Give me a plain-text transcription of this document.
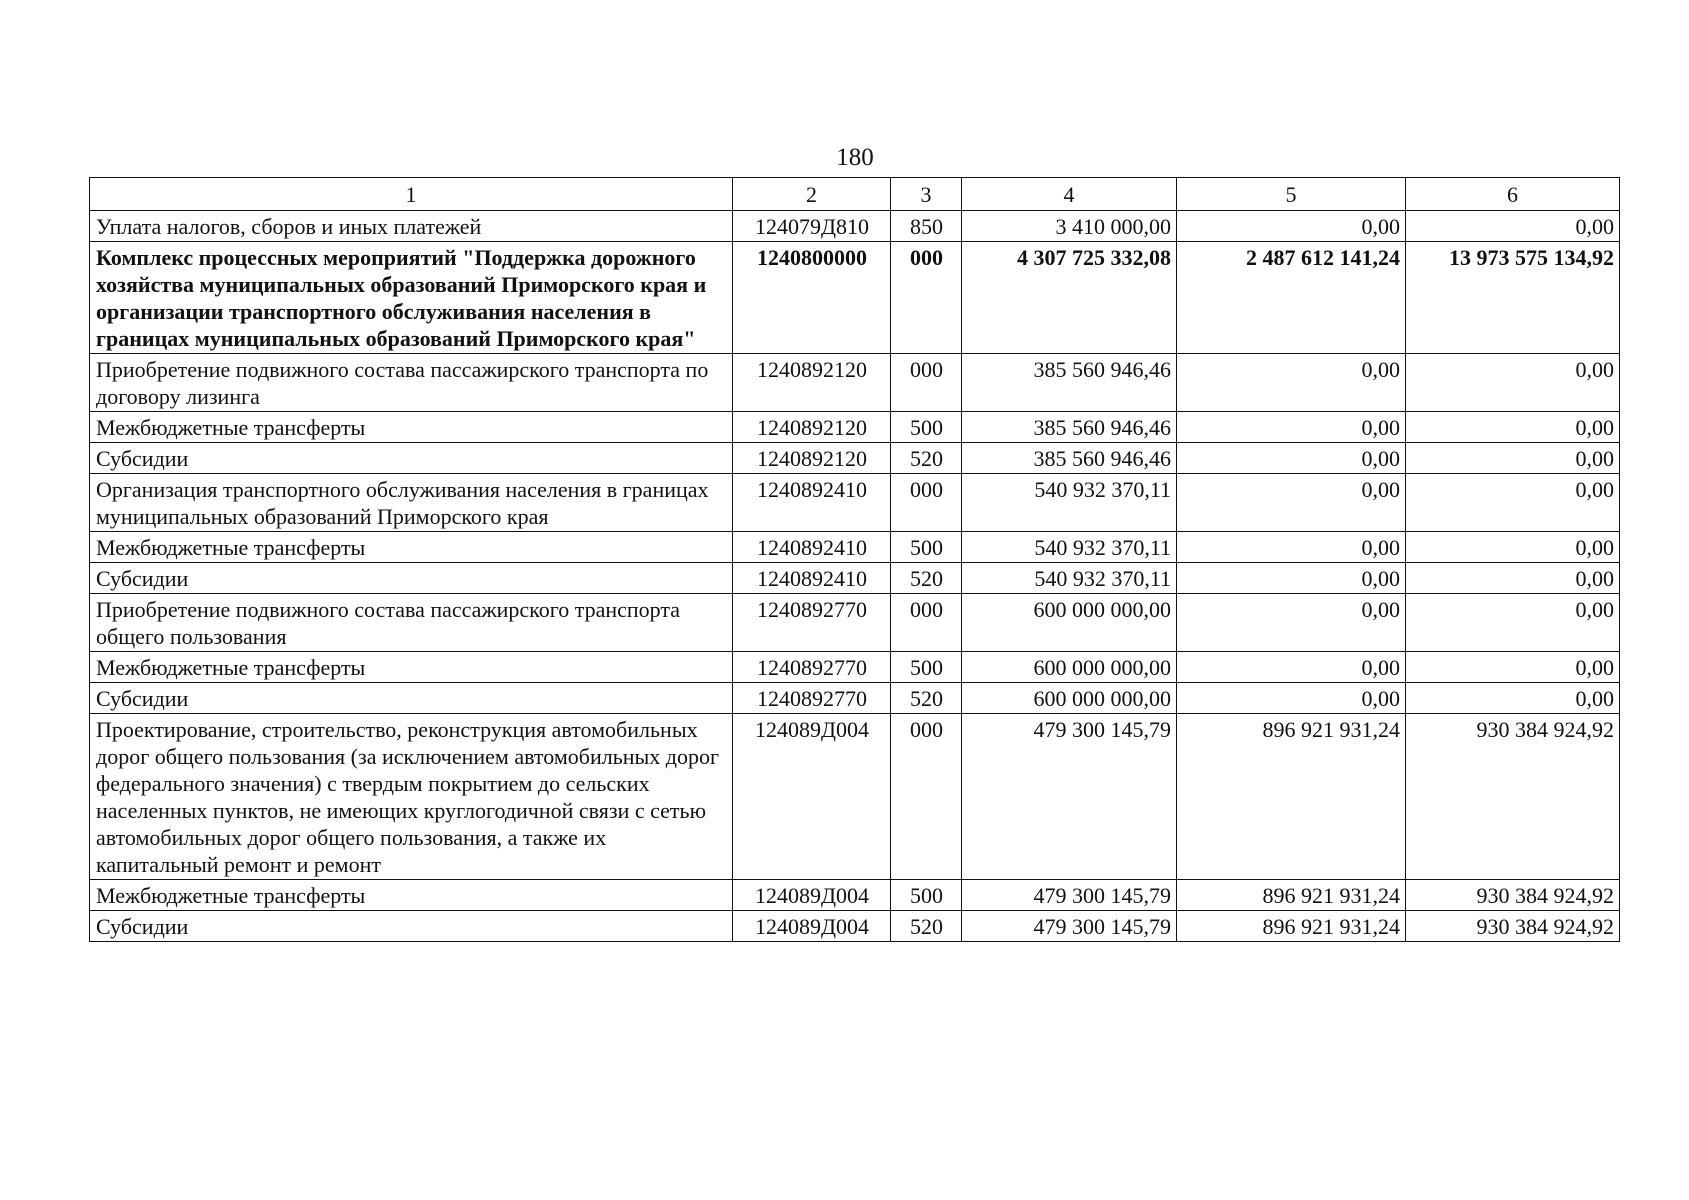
180
1	2	3	4	5	6
Уплата налогов, сборов и иных платежей	124079Д810	850	3 410 000,00	0,00	0,00
Комплекс процессных мероприятий "Поддержка дорожного хозяйства муниципальных образований Приморского края и организации транспортного обслуживания населения в границах муниципальных образований Приморского края"	1240800000	000	4 307 725 332,08	2 487 612 141,24	13 973 575 134,92
Приобретение подвижного состава пассажирского транспорта по договору лизинга	1240892120	000	385 560 946,46	0,00	0,00
Межбюджетные трансферты	1240892120	500	385 560 946,46	0,00	0,00
Субсидии	1240892120	520	385 560 946,46	0,00	0,00
Организация транспортного обслуживания населения в границах муниципальных образований Приморского края	1240892410	000	540 932 370,11	0,00	0,00
Межбюджетные трансферты	1240892410	500	540 932 370,11	0,00	0,00
Субсидии	1240892410	520	540 932 370,11	0,00	0,00
Приобретение подвижного состава пассажирского транспорта общего пользования	1240892770	000	600 000 000,00	0,00	0,00
Межбюджетные трансферты	1240892770	500	600 000 000,00	0,00	0,00
Субсидии	1240892770	520	600 000 000,00	0,00	0,00
Проектирование, строительство, реконструкция автомобильных дорог общего пользования (за исключением автомобильных дорог федерального значения) с твердым покрытием до сельских населенных пунктов, не имеющих круглогодичной связи с сетью автомобильных дорог общего пользования, а также их капитальный ремонт и ремонт	124089Д004	000	479 300 145,79	896 921 931,24	930 384 924,92
Межбюджетные трансферты	124089Д004	500	479 300 145,79	896 921 931,24	930 384 924,92
Субсидии	124089Д004	520	479 300 145,79	896 921 931,24	930 384 924,92
